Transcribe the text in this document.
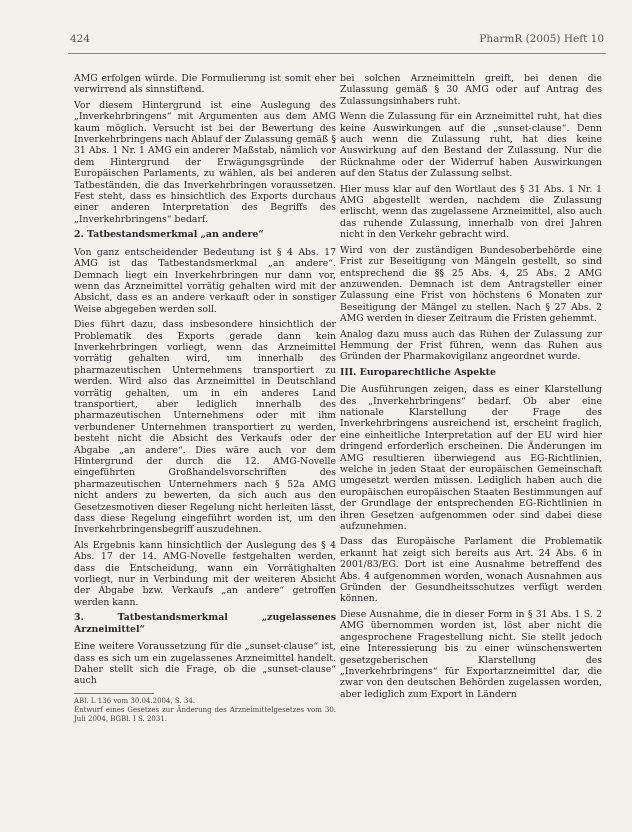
424	PharmR (2005) Heft 10

AMG erfolgen würde. Die Formulierung ist somit eher verwirrend als sinnstiftend.

Vor diesem Hintergrund ist eine Auslegung des „Inverkehrbringens“ mit Argumenten aus dem AMG kaum möglich. Versucht ist bei der Bewertung des Inverkehrbringens nach Ablauf der Zulassung gemäß § 31 Abs. 1 Nr. 1 AMG ein anderer Maßstab, nämlich vor dem Hintergrund der Erwägungsgründe der Europäischen Parlaments, zu wählen, als bei anderen Tatbeständen, die das Inverkehrbringen voraussetzen. Fest steht, dass es hinsichtlich des Exports durchaus einer anderen Interpretation des Begriffs des „Inverkehrbringens“ bedarf.

2. Tatbestandsmerkmal „an andere“

Von ganz entscheidender Bedeutung ist § 4 Abs. 17 AMG ist das Tatbestandsmerkmal „an andere“. Demnach liegt ein Inverkehrbringen nur dann vor, wenn das Arzneimittel vorrätig gehalten wird mit der Absicht, dass es an andere verkauft oder in sonstiger Weise abgegeben werden soll.

Dies führt dazu, dass insbesondere hinsichtlich der Problematik des Exports gerade dann kein Inverkehrbringen vorliegt, wenn das Arzneimittel vorrätig gehalten wird, um innerhalb des pharmazeutischen Unternehmens transportiert zu werden. Wird also das Arzneimittel in Deutschland vorrätig gehalten, um in ein anderes Land transportiert, aber lediglich innerhalb des pharmazeutischen Unternehmens oder mit ihm verbundener Unternehmen transportiert zu werden, besteht nicht die Absicht des Verkaufs oder der Abgabe „an andere“. Dies wäre auch vor dem Hintergrund der durch die 12. AMG-Novelle eingeführten Großhandelsvorschriften des pharmazeutischen Unternehmers nach § 52a AMG nicht anders zu bewerten, da sich auch aus den Gesetzesmotiven dieser Regelung nicht herleiten lässt, dass diese Regelung eingeführt worden ist, um den Inverkehrbringensbegriff auszudehnen.

Als Ergebnis kann hinsichtlich der Auslegung des § 4 Abs. 17 der 14. AMG-Novelle festgehalten werden, dass die Entscheidung, wann ein Vorrätighalten vorliegt, nur in Verbindung mit der weiteren Absicht der Abgabe bzw. Verkaufs „an andere“ getroffen werden kann.

3. Tatbestandsmerkmal „zugelassenes Arzneimittel“

Eine weitere Voraussetzung für die „sunset-clause“ ist, dass es sich um ein zugelassenes Arzneimittel handelt. Daher stellt sich die Frage, ob die „sunset-clause“ auch

ABl. L 136 vom 30.04.2004, S. 34.
Entwurf eines Gesetzes zur Änderung des Arzneimittelgesetzes vom 30. Juli 2004, BGBl. I S. 2031.

bei solchen Arzneimitteln greift, bei denen die Zulassung gemäß § 30 AMG oder auf Antrag des Zulassungsinhabers ruht.

Wenn die Zulassung für ein Arzneimittel ruht, hat dies keine Auswirkungen auf die „sunset-clause“. Denn auch wenn die Zulassung ruht, hat dies keine Auswirkung auf den Bestand der Zulassung. Nur die Rücknahme oder der Widerruf haben Auswirkungen auf den Status der Zulassung selbst.

Hier muss klar auf den Wortlaut des § 31 Abs. 1 Nr. 1 AMG abgestellt werden, nachdem die Zulassung erlischt, wenn das zugelassene Arzneimittel, also auch das ruhende Zulassung, innerhalb von drei Jahren nicht in den Verkehr gebracht wird.

Wird von der zuständigen Bundesoberbehörde eine Frist zur Beseitigung von Mängeln gestellt, so sind entsprechend die §§ 25 Abs. 4, 25 Abs. 2 AMG anzuwenden. Demnach ist dem Antragsteller einer Zulassung eine Frist von höchstens 6 Monaten zur Beseitigung der Mängel zu stellen. Nach § 27 Abs. 2 AMG werden in dieser Zeitraum die Fristen gehemmt.

Analog dazu muss auch das Ruhen der Zulassung zur Hemmung der Frist führen, wenn das Ruhen aus Gründen der Pharmakovigilanz angeordnet wurde.

III. Europarechtliche Aspekte

Die Ausführungen zeigen, dass es einer Klarstellung des „Inverkehrbringens“ bedarf. Ob aber eine nationale Klarstellung der Frage des Inverkehrbringens ausreichend ist, erscheint fraglich, eine einheitliche Interpretation auf der EU wird hier dringend erforderlich erscheinen. Die Änderungen im AMG resultieren überwiegend aus EG-Richtlinien, welche in jeden Staat der europäischen Gemeinschaft umgesetzt werden müssen. Lediglich haben auch die europäischen europäischen Staaten Bestimmungen auf der Grundlage der entsprechenden EG-Richtlinien in ihren Gesetzen aufgenommen oder sind dabei diese aufzunehmen.

Dass das Europäische Parlament die Problematik erkannt hat zeigt sich bereits aus Art. 24 Abs. 6 in 2001/83/EG. Dort ist eine Ausnahme betreffend des Abs. 4 aufgenommen worden, wonach Ausnahmen aus Gründen der Gesundheitsschutzes verfügt werden können.

Diese Ausnahme, die in dieser Form in § 31 Abs. 1 S. 2 AMG übernommen worden ist, löst aber nicht die angesprochene Fragestellung nicht. Sie stellt jedoch eine Interessierung bis zu einer wünschenswerten gesetzgeberischen Klarstellung des „Inverkehrbringens“ für Exportarzneimittel dar, die zwar von den deutschen Behörden zugelassen worden, aber lediglich zum Export in Ländern
